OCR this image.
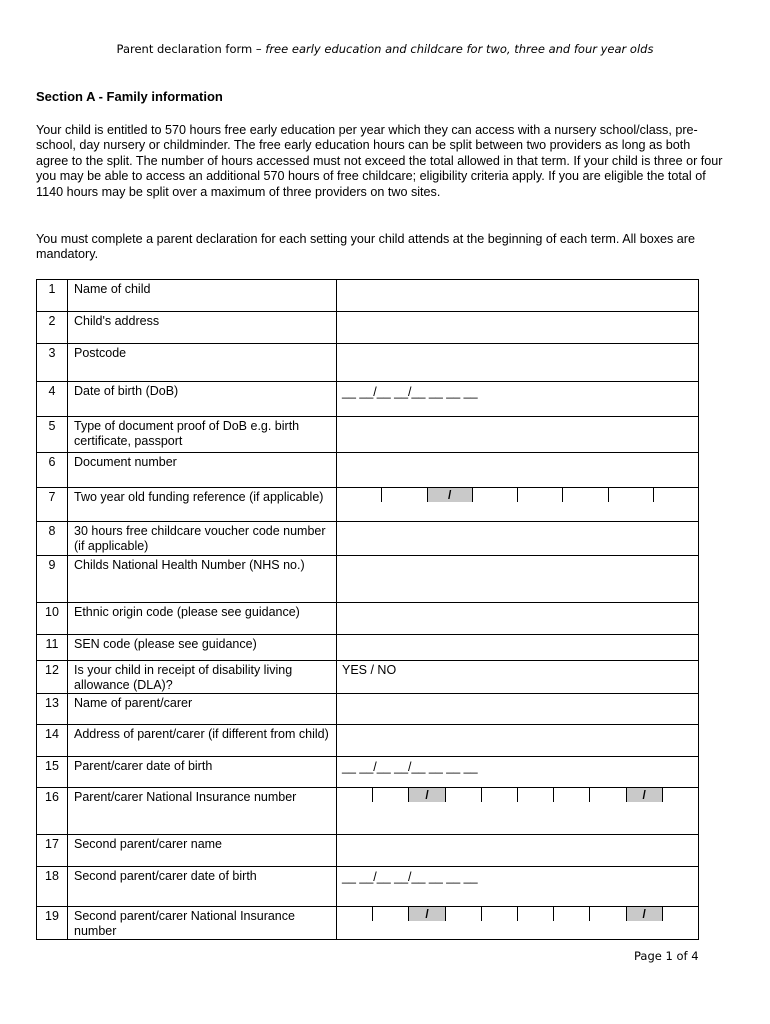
Parent declaration form – free early education and childcare for two, three and four year olds
Section A - Family information
Your child is entitled to 570 hours free early education per year which they can access with a nursery school/class, pre-school, day nursery or childminder. The free early education hours can be split between two providers as long as both agree to the split. The number of hours accessed must not exceed the total allowed in that term. If your child is three or four you may be able to access an additional 570 hours of free childcare; eligibility criteria apply. If you are eligible the total of 1140 hours may be split over a maximum of three providers on two sites.
You must complete a parent declaration for each setting your child attends at the beginning of each term. All boxes are mandatory.
1	Name of child	
2	Child's address	
3	Postcode	
4	Date of birth (DoB)	__ __/__ __/__ __ __ __

5	Type of document proof of DoB e.g. birth certificate, passport	
6	Document number	
7	Two year old funding reference (if applicable)	/

8	30 hours free childcare voucher code number (if applicable)	

9	Childs National Health Number (NHS no.)	

10	Ethnic origin code (please see guidance)	
11	SEN code (please see guidance)	
12	Is your child in receipt of disability living allowance (DLA)?	YES / NO

13	Name of parent/carer	
14	Address of parent/carer (if different from child)	
15	Parent/carer date of birth	__ __/__ __/__ __ __ __

16	Parent/carer National Insurance number	/ /

17	Second parent/carer name	
18	Second parent/carer date of birth	__ __/__ __/__ __ __ __

19	Second parent/carer National Insurance number	/ /
Page 1 of 4
